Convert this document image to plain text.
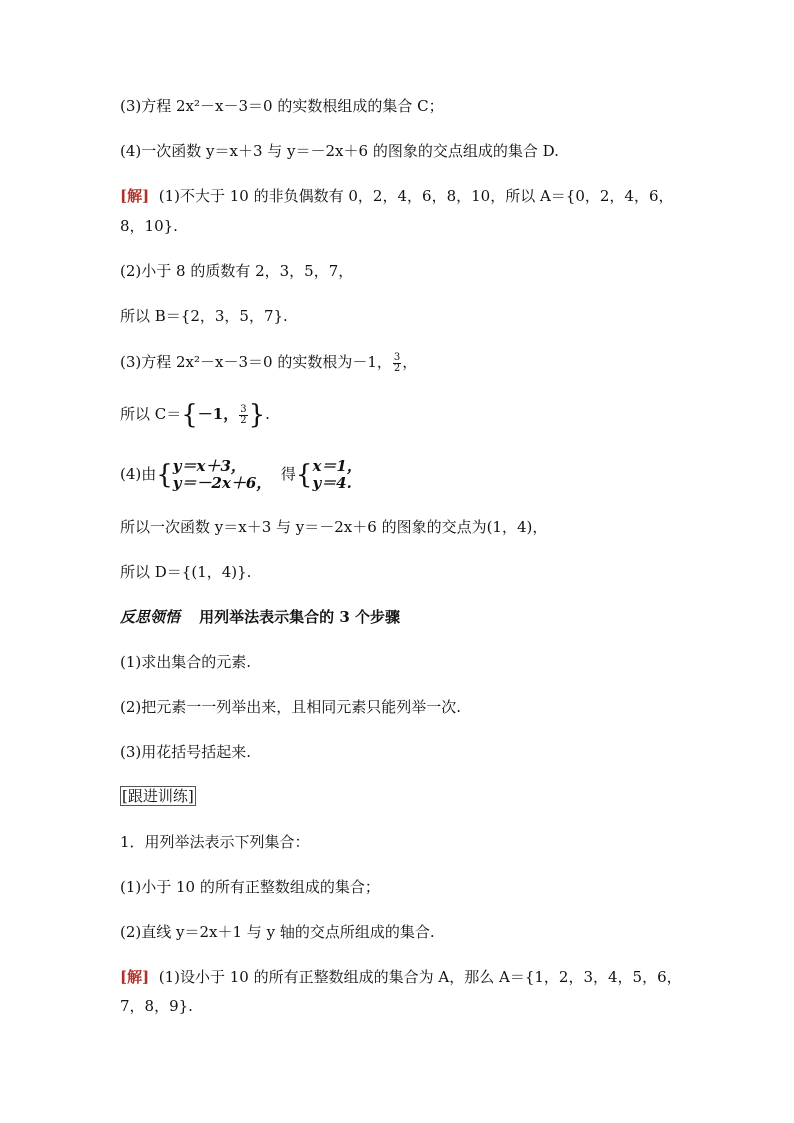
(3)方程 2x²－x－3＝0 的实数根组成的集合 C；
(4)一次函数 y＝x＋3 与 y＝－2x＋6 的图象的交点组成的集合 D.
[解] (1)不大于 10 的非负偶数有 0，2，4，6，8，10，所以 A＝{0，2，4，6，
8，10}.
(2)小于 8 的质数有 2，3，5，7，
所以 B＝{2，3，5，7}.
(3)方程 2x²－x－3＝0 的实数根为－1， $\frac{3}{2}$ ，
所以 C＝{－1， $\frac{3}{2}$ }.
(4)由{ y＝x＋3，
y＝－2x＋6， 得{ x＝1，
y＝4.
所以一次函数 y＝x＋3 与 y＝－2x＋6 的图象的交点为(1，4)，
所以 D＝{(1，4)}.
反思领悟 用列举法表示集合的 3 个步骤
(1)求出集合的元素.
(2)把元素一一列举出来，且相同元素只能列举一次.
(3)用花括号括起来.
[跟进训练]
1．用列举法表示下列集合：
(1)小于 10 的所有正整数组成的集合；
(2)直线 y＝2x＋1 与 y 轴的交点所组成的集合.
[解] (1)设小于 10 的所有正整数组成的集合为 A，那么 A＝{1，2，3，4，5，6，
7，8，9}.
